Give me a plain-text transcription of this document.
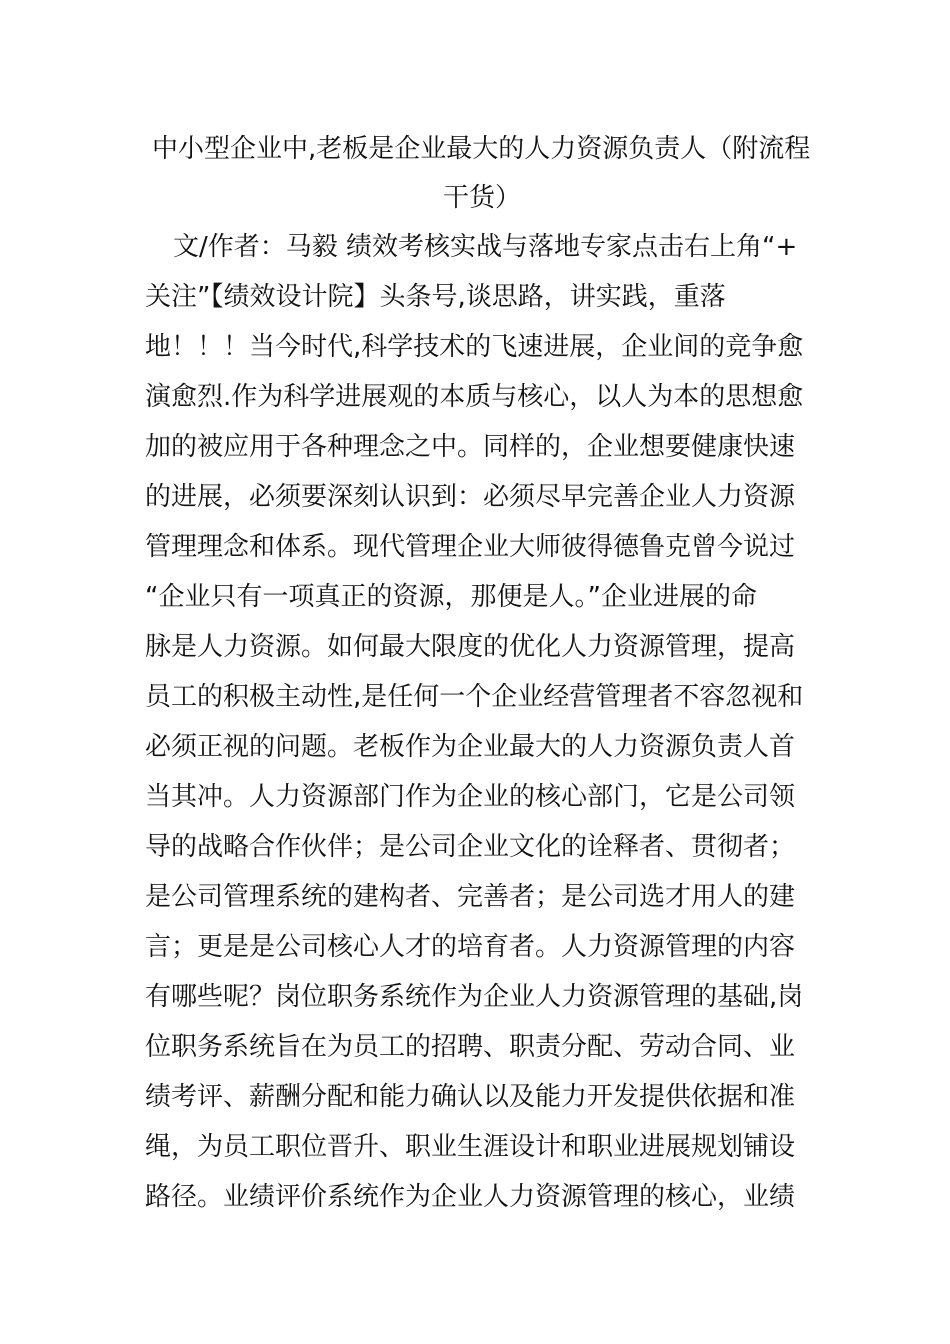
中小型企业中,老板是企业最大的人力资源负责人（附流程
干货）
文/作者：马毅 绩效考核实战与落地专家点击右上角“+
关注”【绩效设计院】头条号,谈思路，讲实践，重落
地！！！当今时代,科学技术的飞速进展，企业间的竞争愈
演愈烈.作为科学进展观的本质与核心，以人为本的思想愈
加的被应用于各种理念之中。同样的，企业想要健康快速
的进展，必须要深刻认识到：必须尽早完善企业人力资源
管理理念和体系。现代管理企业大师彼得德鲁克曾今说过
“企业只有一项真正的资源，那便是人。”企业进展的命
脉是人力资源。如何最大限度的优化人力资源管理，提高
员工的积极主动性,是任何一个企业经营管理者不容忽视和
必须正视的问题。老板作为企业最大的人力资源负责人首
当其冲。人力资源部门作为企业的核心部门，它是公司领
导的战略合作伙伴；是公司企业文化的诠释者、贯彻者；
是公司管理系统的建构者、完善者；是公司选才用人的建
言；更是是公司核心人才的培育者。人力资源管理的内容
有哪些呢？岗位职务系统作为企业人力资源管理的基础,岗
位职务系统旨在为员工的招聘、职责分配、劳动合同、业
绩考评、薪酬分配和能力确认以及能力开发提供依据和准
绳，为员工职位晋升、职业生涯设计和职业进展规划铺设
路径。业绩评价系统作为企业人力资源管理的核心，业绩
